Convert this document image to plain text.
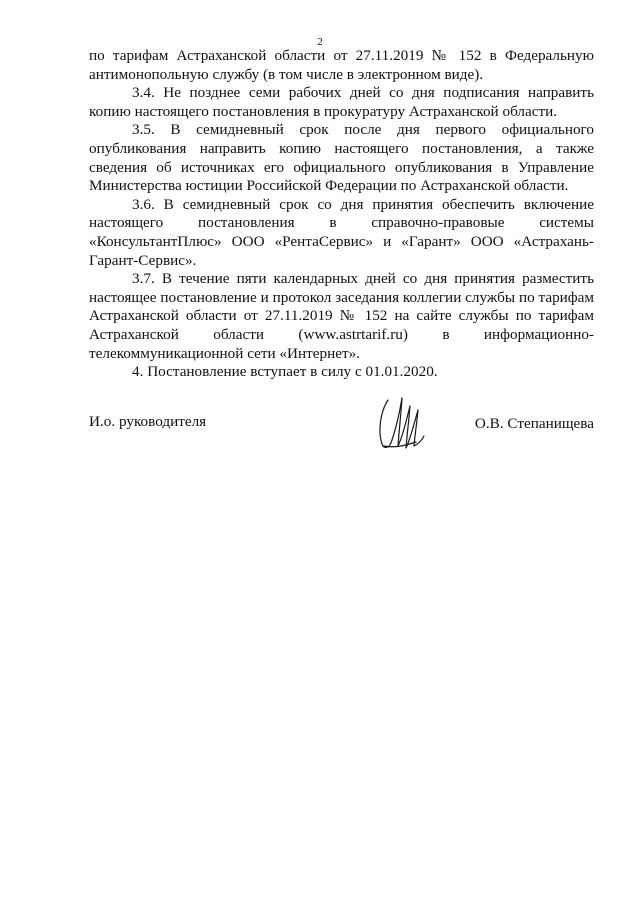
2

по тарифам Астраханской области от 27.11.2019 № 152 в Федеральную антимонопольную службу (в том числе в электронном виде).

3.4. Не позднее семи рабочих дней со дня подписания направить копию настоящего постановления в прокуратуру Астраханской области.

3.5. В семидневный срок после дня первого официального опубликования направить копию настоящего постановления, а также сведения об источниках его официального опубликования в Управление Министерства юстиции Российской Федерации по Астраханской области.

3.6. В семидневный срок со дня принятия обеспечить включение настоящего постановления в справочно-правовые системы «КонсультантПлюс» ООО «РентаСервис» и «Гарант» ООО «Астрахань-Гарант-Сервис».

3.7. В течение пяти календарных дней со дня принятия разместить настоящее постановление и протокол заседания коллегии службы по тарифам Астраханской области от 27.11.2019 № 152 на сайте службы по тарифам Астраханской области (www.astrtarif.ru) в информационно-телекоммуникационной сети «Интернет».

4. Постановление вступает в силу с 01.01.2020.

И.о. руководителя	О.В. Степанищева
